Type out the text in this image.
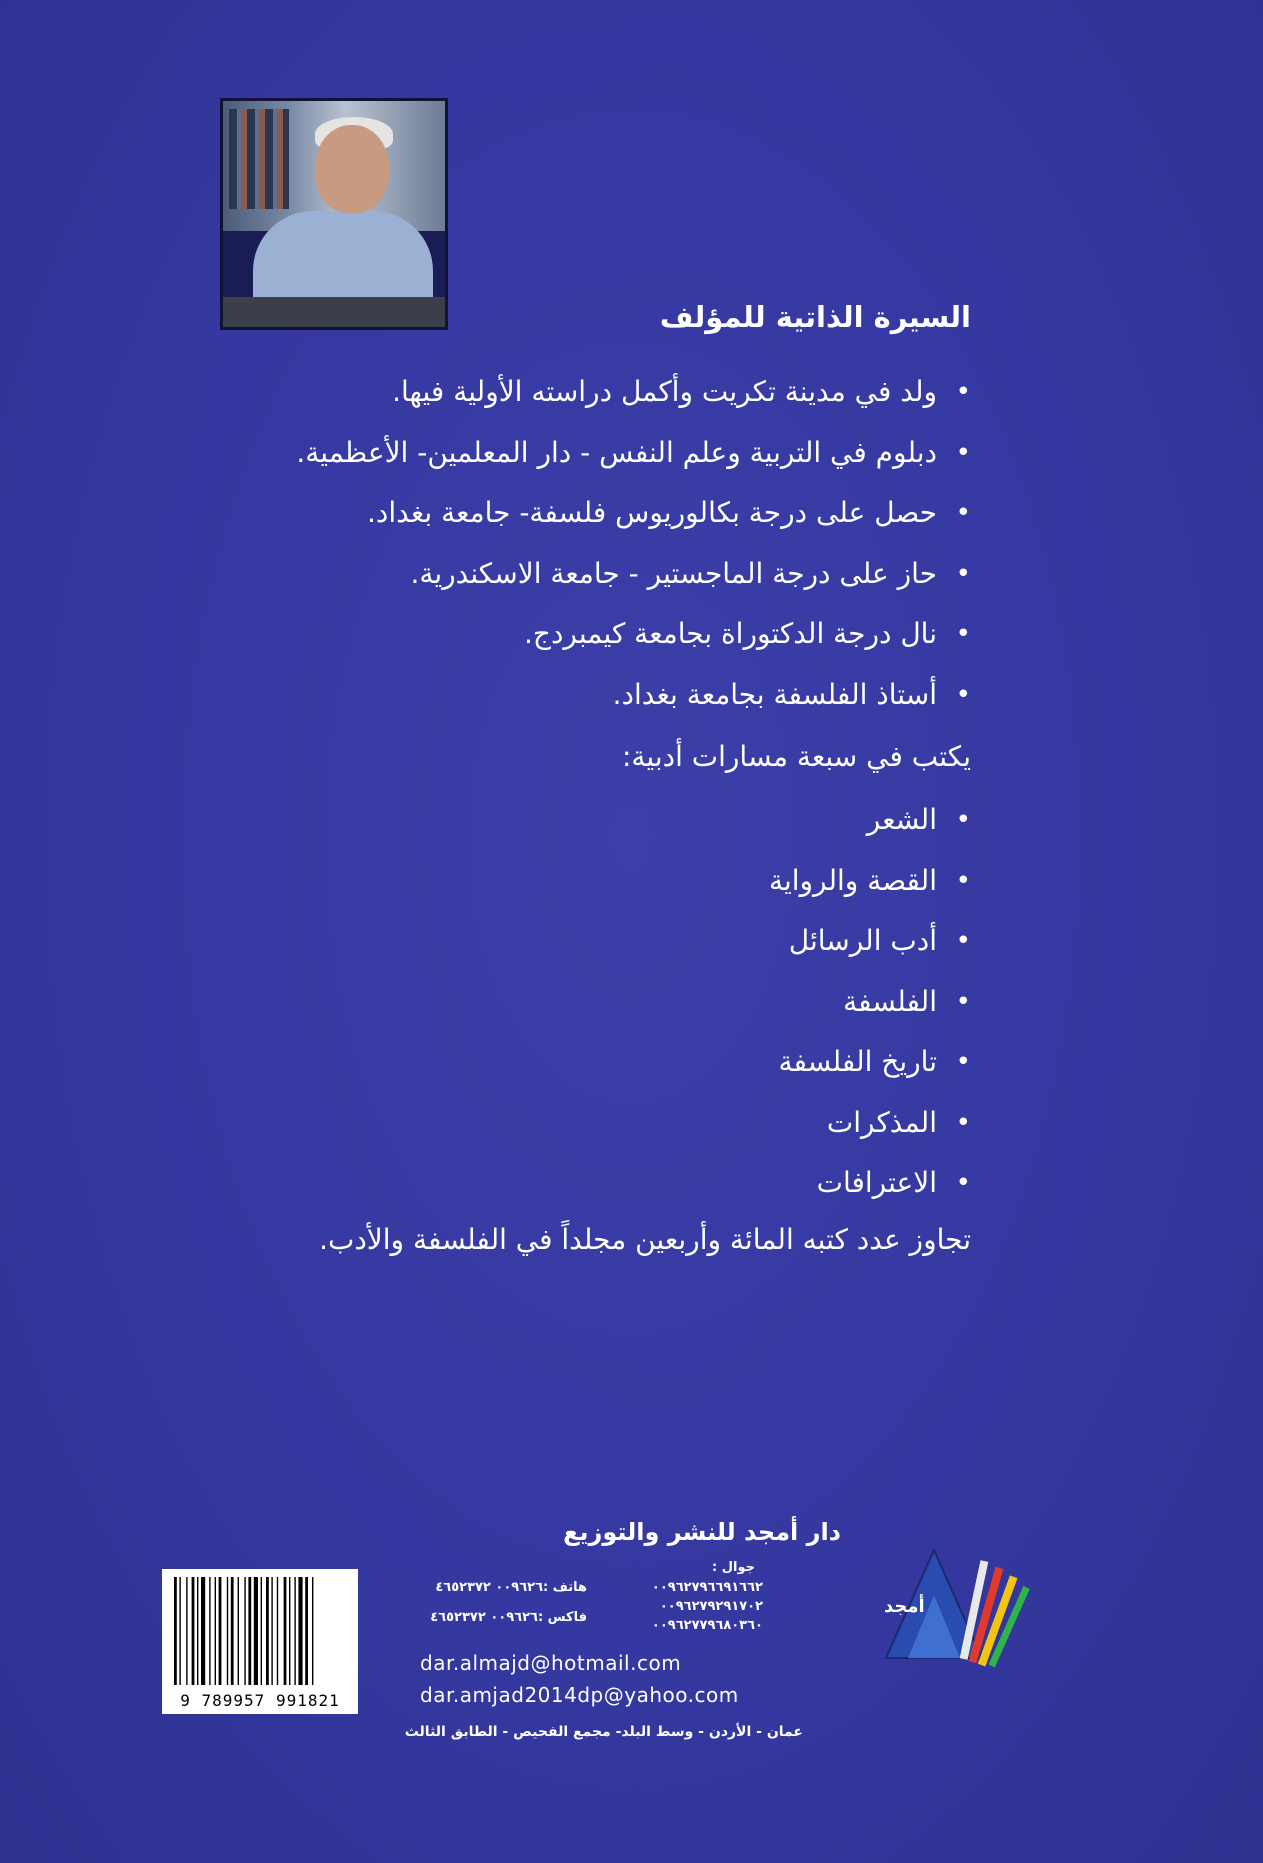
السيرة الذاتية للمؤلف
• ولد في مدينة تكريت وأكمل دراسته الأولية فيها.
• دبلوم في التربية وعلم النفس - دار المعلمين- الأعظمية.
• حصل على درجة بكالوريوس فلسفة- جامعة بغداد.
• حاز على درجة الماجستير - جامعة الاسكندرية.
• نال درجة الدكتوراة بجامعة كيمبردج.
• أستاذ الفلسفة بجامعة بغداد.

يكتب في سبعة مسارات أدبية:

• الشعر
• القصة والرواية
• أدب الرسائل
• الفلسفة
• تاريخ الفلسفة
• المذكرات
• الاعترافات

تجاوز عدد كتبه المائة وأربعين مجلداً في الفلسفة والأدب.

دار أمجد للنشر والتوزيع
جوال :
٠٠٩٦٢٧٩٦٦٩١٦٦٢
٠٠٩٦٢٧٩٢٩١٧٠٢
٠٠٩٦٢٧٧٩٦٨٠٣٦٠
هاتف :٠٠٩٦٢٦ ٤٦٥٢٣٧٢
فاكس :٠٠٩٦٢٦ ٤٦٥٢٣٧٢
dar.almajd@hotmail.com
dar.amjad2014dp@yahoo.com
عمان - الأردن - وسط البلد- مجمع الفحيص - الطابق الثالث
أمجد
9 789957 991821
